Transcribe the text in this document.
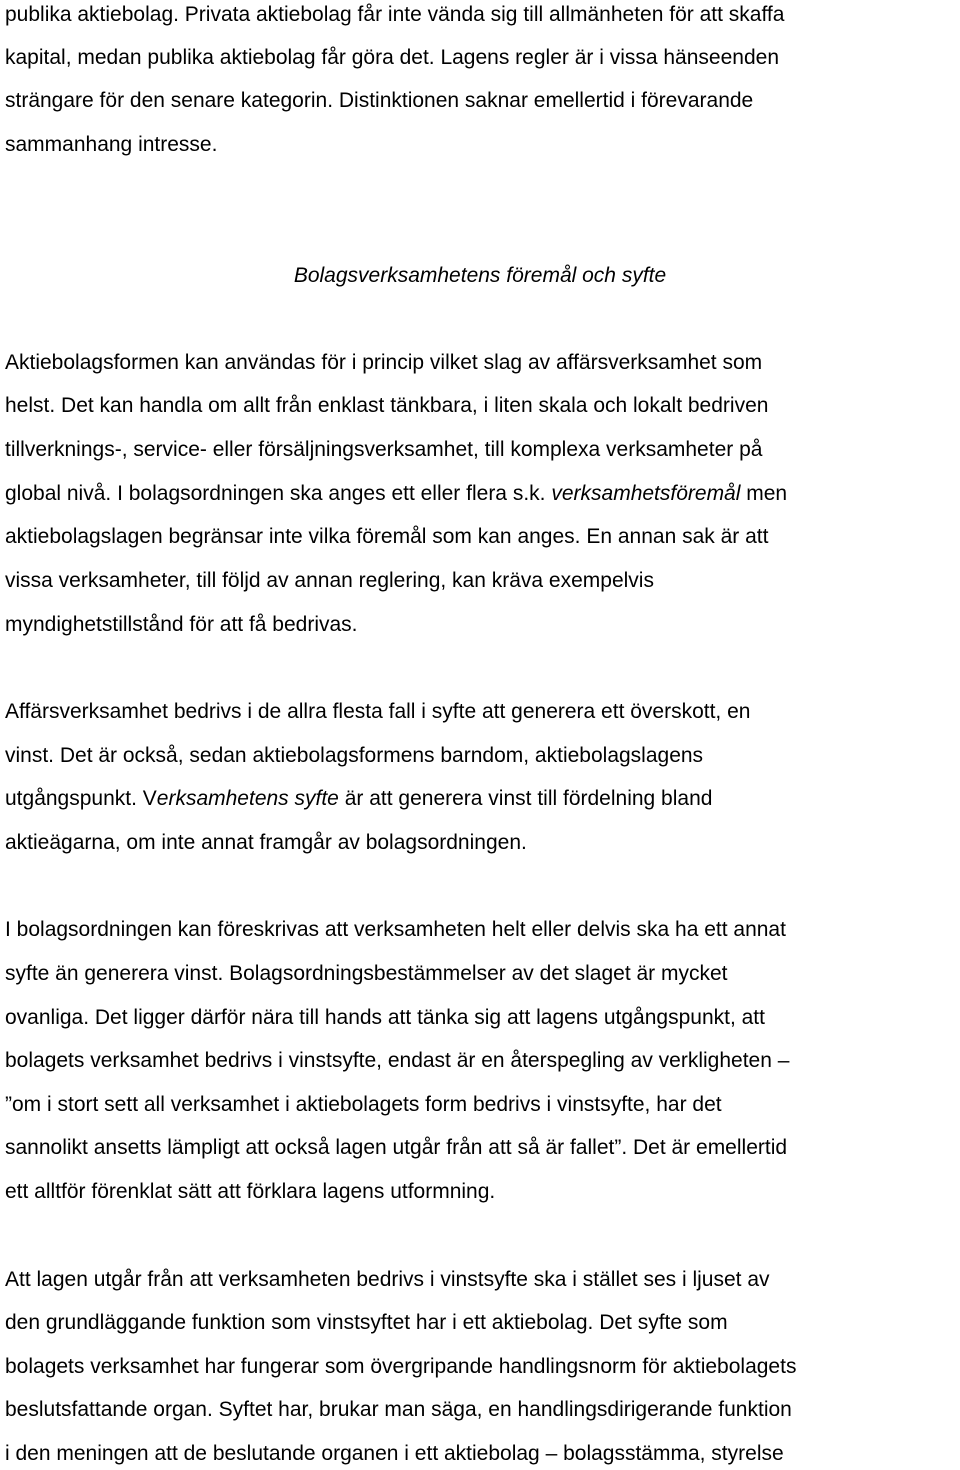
publika aktiebolag. Privata aktiebolag får inte vända sig till allmänheten för att skaffa
kapital, medan publika aktiebolag får göra det. Lagens regler är i vissa hänseenden
strängare för den senare kategorin. Distinktionen saknar emellertid i förevarande
sammanhang intresse.
Bolagsverksamhetens föremål och syfte
Aktiebolagsformen kan användas för i princip vilket slag av affärsverksamhet som
helst. Det kan handla om allt från enklast tänkbara, i liten skala och lokalt bedriven
tillverknings-, service- eller försäljningsverksamhet, till komplexa verksamheter på
global nivå. I bolagsordningen ska anges ett eller flera s.k. verksamhetsföremål men
aktiebolagslagen begränsar inte vilka föremål som kan anges. En annan sak är att
vissa verksamheter, till följd av annan reglering, kan kräva exempelvis
myndighetstillstånd för att få bedrivas.
Affärsverksamhet bedrivs i de allra flesta fall i syfte att generera ett överskott, en
vinst. Det är också, sedan aktiebolagsformens barndom, aktiebolagslagens
utgångspunkt. Verksamhetens syfte är att generera vinst till fördelning bland
aktieägarna, om inte annat framgår av bolagsordningen.
I bolagsordningen kan föreskrivas att verksamheten helt eller delvis ska ha ett annat
syfte än generera vinst. Bolagsordningsbestämmelser av det slaget är mycket
ovanliga. Det ligger därför nära till hands att tänka sig att lagens utgångspunkt, att
bolagets verksamhet bedrivs i vinstsyfte, endast är en återspegling av verkligheten –
”om i stort sett all verksamhet i aktiebolagets form bedrivs i vinstsyfte, har det
sannolikt ansetts lämpligt att också lagen utgår från att så är fallet”. Det är emellertid
ett alltför förenklat sätt att förklara lagens utformning.
Att lagen utgår från att verksamheten bedrivs i vinstsyfte ska i stället ses i ljuset av
den grundläggande funktion som vinstsyftet har i ett aktiebolag. Det syfte som
bolagets verksamhet har fungerar som övergripande handlingsnorm för aktiebolagets
beslutsfattande organ. Syftet har, brukar man säga, en handlingsdirigerande funktion
i den meningen att de beslutande organen i ett aktiebolag – bolagsstämma, styrelse
